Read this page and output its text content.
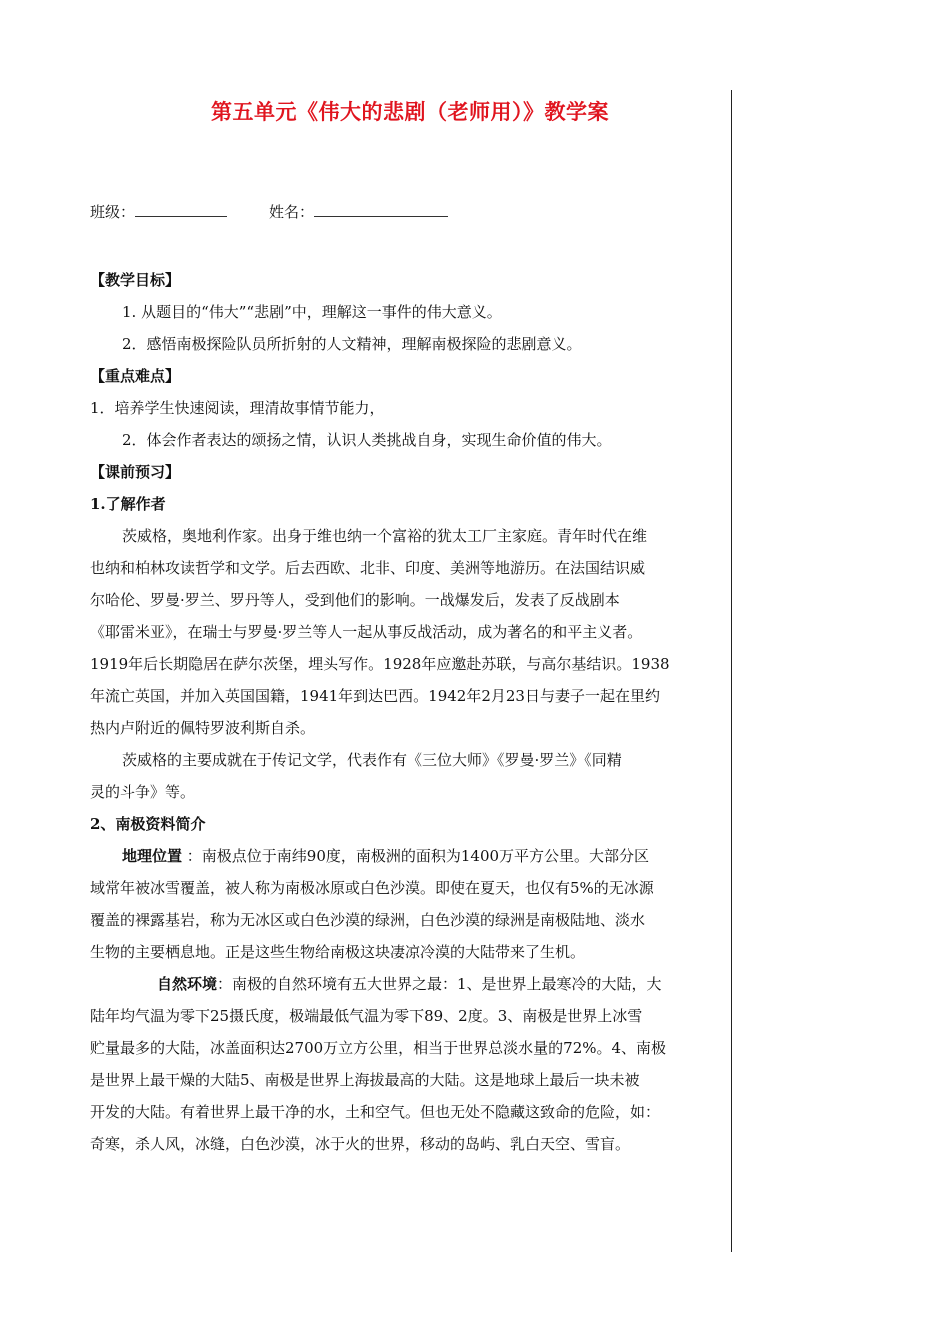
第五单元《伟大的悲剧（老师用）》教学案
班级：	姓名：
【教学目标】
1. 从题目的“伟大”“悲剧”中，理解这一事件的伟大意义。
2．感悟南极探险队员所折射的人文精神，理解南极探险的悲剧意义。
【重点难点】
1．培养学生快速阅读，理清故事情节能力，
2．体会作者表达的颂扬之情，认识人类挑战自身，实现生命价值的伟大。
【课前预习】
1.了解作者
茨威格，奥地利作家。出身于维也纳一个富裕的犹太工厂主家庭。青年时代在维
也纳和柏林攻读哲学和文学。后去西欧、北非、印度、美洲等地游历。在法国结识威
尔哈伦、罗曼·罗兰、罗丹等人，受到他们的影响。一战爆发后，发表了反战剧本
《耶雷米亚》，在瑞士与罗曼·罗兰等人一起从事反战活动，成为著名的和平主义者。
1919年后长期隐居在萨尔茨堡，埋头写作。1928年应邀赴苏联，与高尔基结识。1938
年流亡英国，并加入英国国籍，1941年到达巴西。1942年2月23日与妻子一起在里约
热内卢附近的佩特罗波利斯自杀。
茨威格的主要成就在于传记文学，代表作有《三位大师》《罗曼·罗兰》《同精
灵的斗争》等。
2、南极资料简介
地理位置 ：南极点位于南纬90度，南极洲的面积为1400万平方公里。大部分区
域常年被冰雪覆盖，被人称为南极冰原或白色沙漠。即使在夏天，也仅有5%的无冰源
覆盖的裸露基岩，称为无冰区或白色沙漠的绿洲，白色沙漠的绿洲是南极陆地、淡水
生物的主要栖息地。正是这些生物给南极这块凄凉冷漠的大陆带来了生机。
自然环境：南极的自然环境有五大世界之最：1、是世界上最寒冷的大陆，大
陆年均气温为零下25摄氏度，极端最低气温为零下89、2度。3、南极是世界上冰雪
贮量最多的大陆，冰盖面积达2700万立方公里，相当于世界总淡水量的72%。4、南极
是世界上最干燥的大陆5、南极是世界上海拔最高的大陆。这是地球上最后一块未被
开发的大陆。有着世界上最干净的水，土和空气。但也无处不隐藏这致命的危险，如：
奇寒，杀人风，冰缝，白色沙漠，冰于火的世界，移动的岛屿、乳白天空、雪盲。
